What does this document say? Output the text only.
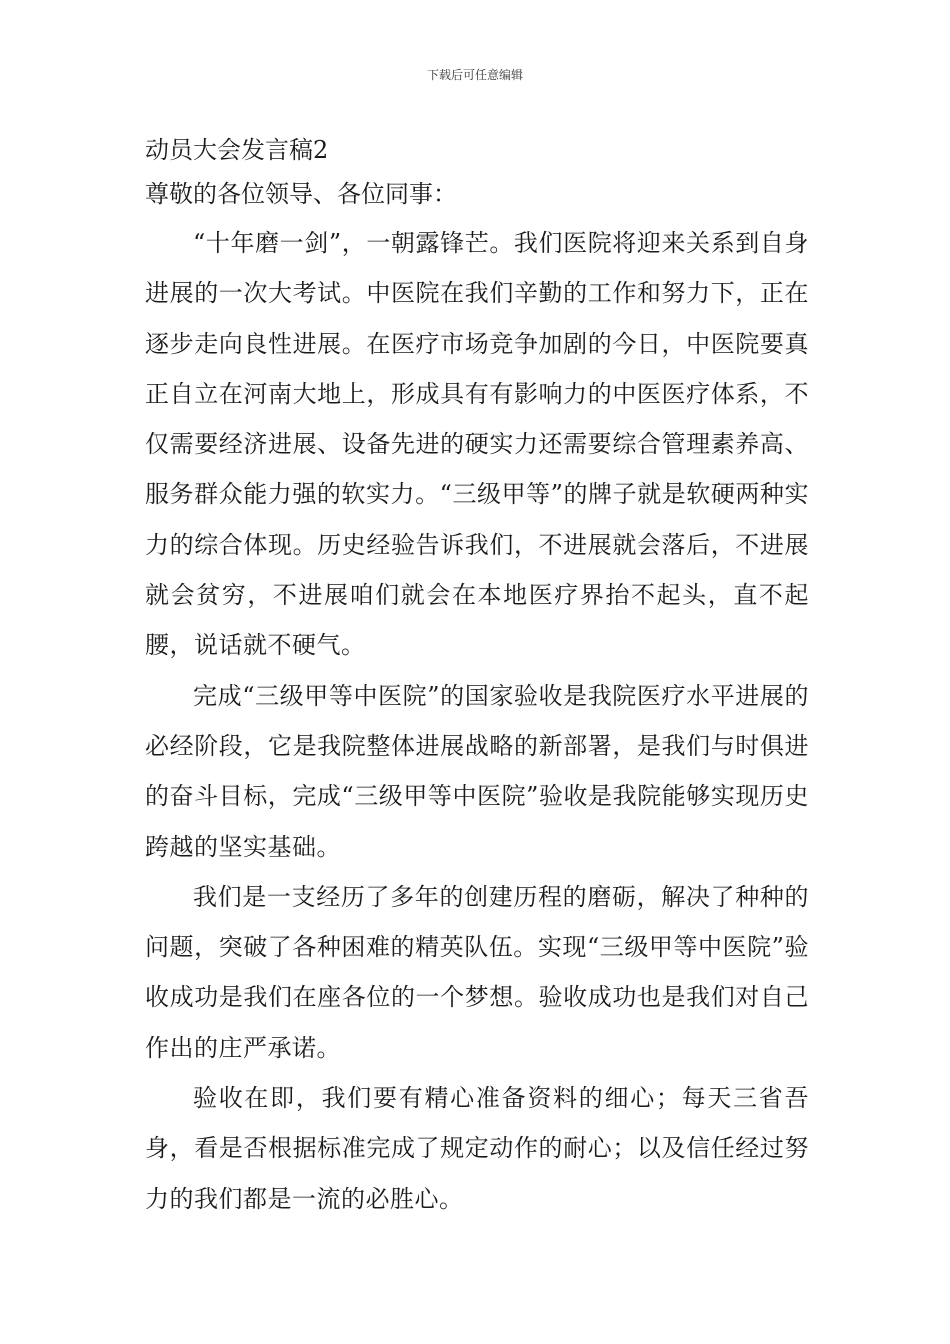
下载后可任意编辑

动员大会发言稿2

尊敬的各位领导、各位同事：

“十年磨一剑”，一朝露锋芒。我们医院将迎来关系到自身进展的一次大考试。中医院在我们辛勤的工作和努力下，正在逐步走向良性进展。在医疗市场竞争加剧的今日，中医院要真正自立在河南大地上，形成具有有影响力的中医医疗体系，不仅需要经济进展、设备先进的硬实力还需要综合管理素养高、服务群众能力强的软实力。“三级甲等”的牌子就是软硬两种实力的综合体现。历史经验告诉我们，不进展就会落后，不进展就会贫穷，不进展咱们就会在本地医疗界抬不起头，直不起腰，说话就不硬气。

完成“三级甲等中医院”的国家验收是我院医疗水平进展的必经阶段，它是我院整体进展战略的新部署，是我们与时俱进的奋斗目标，完成“三级甲等中医院”验收是我院能够实现历史跨越的坚实基础。

我们是一支经历了多年的创建历程的磨砺，解决了种种的问题，突破了各种困难的精英队伍。实现“三级甲等中医院”验收成功是我们在座各位的一个梦想。验收成功也是我们对自己作出的庄严承诺。

验收在即，我们要有精心准备资料的细心；每天三省吾身，看是否根据标准完成了规定动作的耐心；以及信任经过努力的我们都是一流的必胜心。
